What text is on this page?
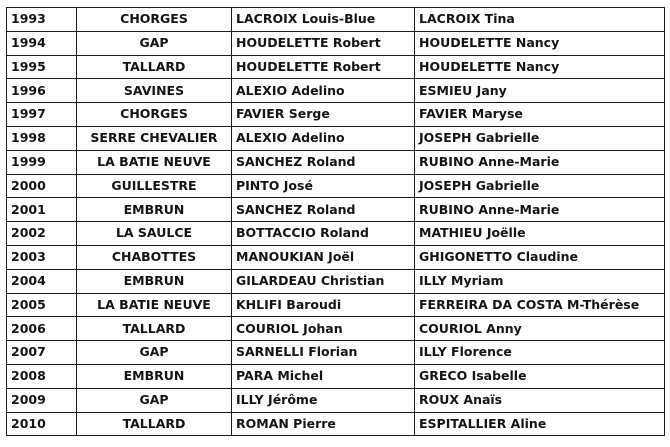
1993	CHORGES	LACROIX Louis-Blue	LACROIX Tina
1994	GAP	HOUDELETTE Robert	HOUDELETTE Nancy
1995	TALLARD	HOUDELETTE Robert	HOUDELETTE Nancy
1996	SAVINES	ALEXIO Adelino	ESMIEU Jany
1997	CHORGES	FAVIER Serge	FAVIER Maryse
1998	SERRE CHEVALIER	ALEXIO Adelino	JOSEPH Gabrielle
1999	LA BATIE NEUVE	SANCHEZ Roland	RUBINO Anne-Marie
2000	GUILLESTRE	PINTO José	JOSEPH Gabrielle
2001	EMBRUN	SANCHEZ Roland	RUBINO Anne-Marie
2002	LA SAULCE	BOTTACCIO Roland	MATHIEU Joëlle
2003	CHABOTTES	MANOUKIAN Joël	GHIGONETTO Claudine
2004	EMBRUN	GILARDEAU Christian	ILLY Myriam
2005	LA BATIE NEUVE	KHLIFI Baroudi	FERREIRA DA COSTA M-Thérèse
2006	TALLARD	COURIOL Johan	COURIOL Anny
2007	GAP	SARNELLI Florian	ILLY Florence
2008	EMBRUN	PARA Michel	GRECO Isabelle
2009	GAP	ILLY Jérôme	ROUX Anaïs
2010	TALLARD	ROMAN Pierre	ESPITALLIER Aline
